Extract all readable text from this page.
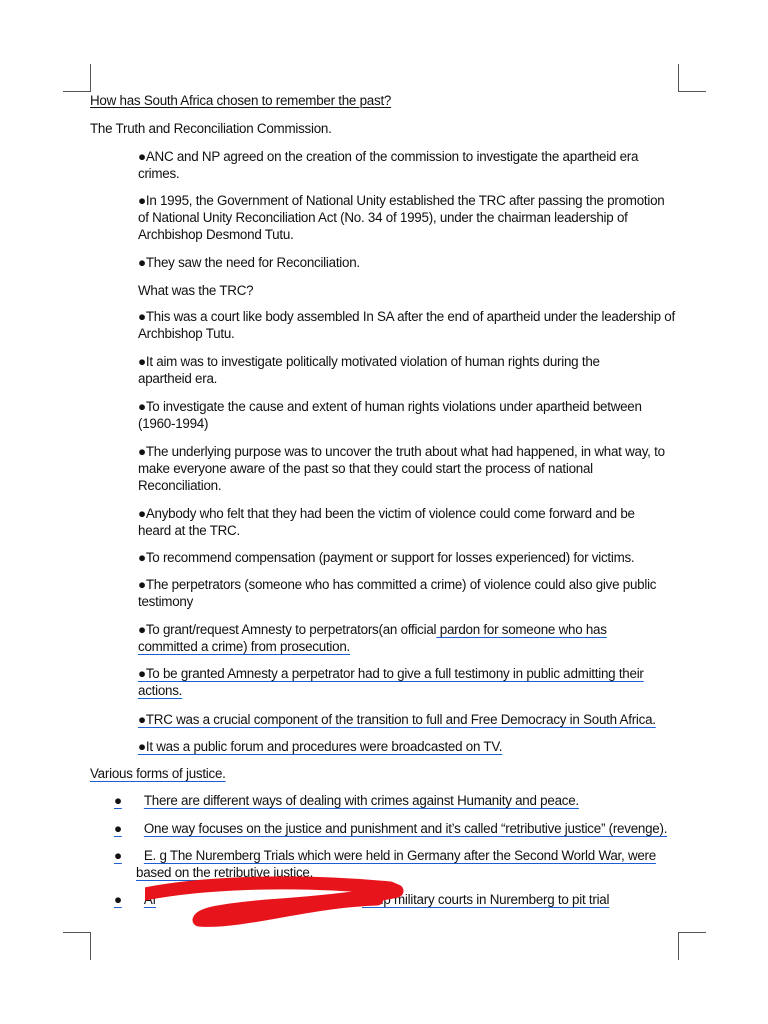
How has South Africa chosen to remember the past?
The Truth and Reconciliation Commission.
●ANC and NP agreed on the creation of the commission to investigate the apartheid era
crimes.
●In 1995, the Government of National Unity established the TRC after passing the promotion
of National Unity Reconciliation Act (No. 34 of 1995), under the chairman leadership of
Archbishop Desmond Tutu.
●They saw the need for Reconciliation.
What was the TRC?
●This was a court like body assembled In SA after the end of apartheid under the leadership of
Archbishop Tutu.
●It aim was to investigate politically motivated violation of human rights during the
apartheid era.
●To investigate the cause and extent of human rights violations under apartheid between
(1960-1994)
●The underlying purpose was to uncover the truth about what had happened, in what way, to
make everyone aware of the past so that they could start the process of national
Reconciliation.
●Anybody who felt that they had been the victim of violence could come forward and be
heard at the TRC.
●To recommend compensation (payment or support for losses experienced) for victims.
●The perpetrators (someone who has committed a crime) of violence could also give public
testimony
●To grant/request Amnesty to perpetrators(an official pardon for someone who has
committed a crime) from prosecution.
●To be granted Amnesty a perpetrator had to give a full testimony in public admitting their
actions.
●TRC was a crucial component of the transition to full and Free Democracy in South Africa.
●It was a public forum and procedures were broadcasted on TV.
Various forms of justice.
● There are different ways of dealing with crimes against Humanity and peace.
● One way focuses on the justice and punishment and it’s called “retributive justice” (revenge).
● E. g The Nuremberg Trials which were held in Germany after the Second World War, were
based on the retributive justice.
● Af	et up military courts in Nuremberg to pit trial
